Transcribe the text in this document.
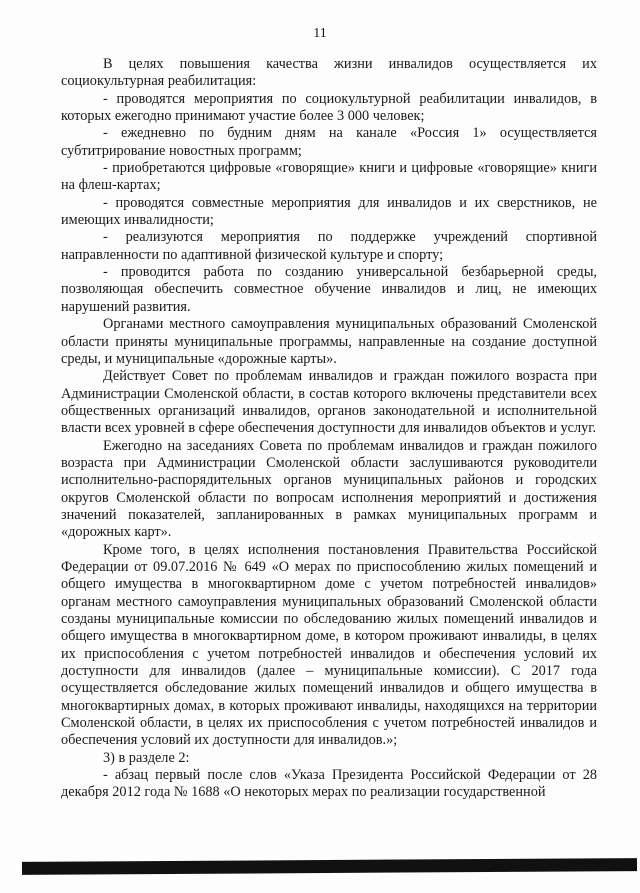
11

В целях повышения качества жизни инвалидов осуществляется их социокультурная реабилитация:

- проводятся мероприятия по социокультурной реабилитации инвалидов, в которых ежегодно принимают участие более 3 000 человек;

- ежедневно по будним дням на канале «Россия 1» осуществляется субтитрирование новостных программ;

- приобретаются цифровые «говорящие» книги и цифровые «говорящие» книги на флеш-картах;

- проводятся совместные мероприятия для инвалидов и их сверстников, не имеющих инвалидности;

- реализуются мероприятия по поддержке учреждений спортивной направленности по адаптивной физической культуре и спорту;

- проводится работа по созданию универсальной безбарьерной среды, позволяющая обеспечить совместное обучение инвалидов и лиц, не имеющих нарушений развития.

Органами местного самоуправления муниципальных образований Смоленской области приняты муниципальные программы, направленные на создание доступной среды, и муниципальные «дорожные карты».

Действует Совет по проблемам инвалидов и граждан пожилого возраста при Администрации Смоленской области, в состав которого включены представители всех общественных организаций инвалидов, органов законодательной и исполнительной власти всех уровней в сфере обеспечения доступности для инвалидов объектов и услуг.

Ежегодно на заседаниях Совета по проблемам инвалидов и граждан пожилого возраста при Администрации Смоленской области заслушиваются руководители исполнительно-распорядительных органов муниципальных районов и городских округов Смоленской области по вопросам исполнения мероприятий и достижения значений показателей, запланированных в рамках муниципальных программ и «дорожных карт».

Кроме того, в целях исполнения постановления Правительства Российской Федерации от 09.07.2016 № 649 «О мерах по приспособлению жилых помещений и общего имущества в многоквартирном доме с учетом потребностей инвалидов» органам местного самоуправления муниципальных образований Смоленской области созданы муниципальные комиссии по обследованию жилых помещений инвалидов и общего имущества в многоквартирном доме, в котором проживают инвалиды, в целях их приспособления с учетом потребностей инвалидов и обеспечения условий их доступности для инвалидов (далее – муниципальные комиссии). С 2017 года осуществляется обследование жилых помещений инвалидов и общего имущества в многоквартирных домах, в которых проживают инвалиды, находящихся на территории Смоленской области, в целях их приспособления с учетом потребностей инвалидов и обеспечения условий их доступности для инвалидов.»;

3) в разделе 2:

- абзац первый после слов «Указа Президента Российской Федерации от 28 декабря 2012 года № 1688 «О некоторых мерах по реализации государственной
